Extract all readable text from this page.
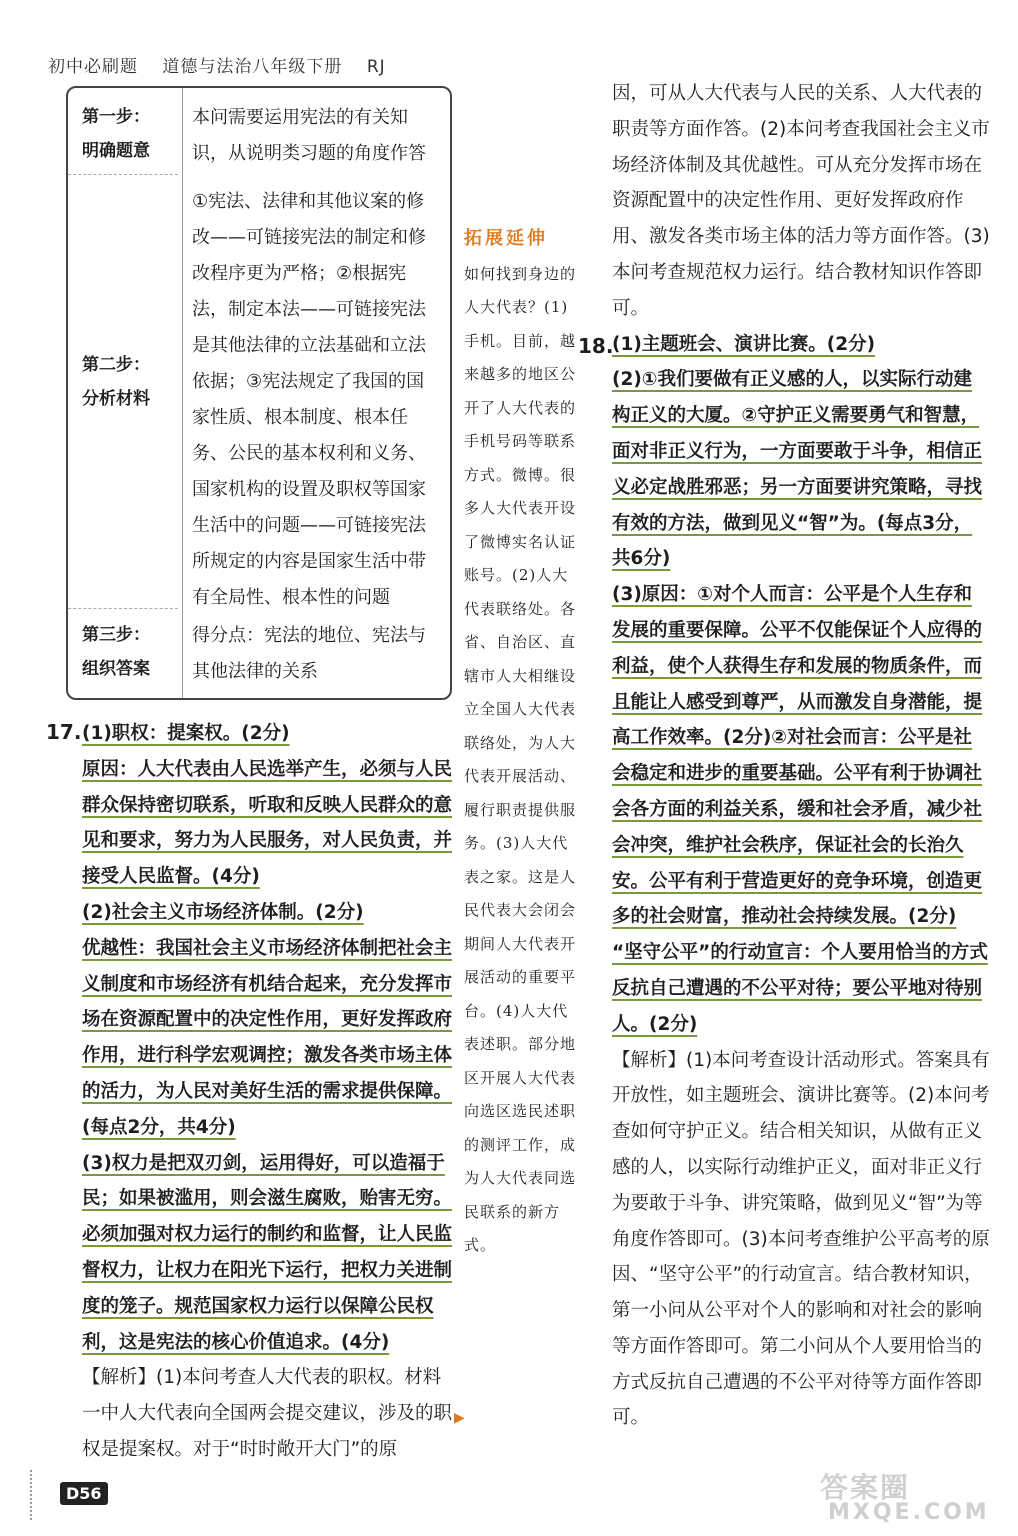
初中必刷题 道德与法治八年级下册 RJ
第一步：
明确题意
本问需要运用宪法的有关知识，从说明类习题的角度作答
第二步：
分析材料
①宪法、法律和其他议案的修改——可链接宪法的制定和修改程序更为严格；②根据宪法，制定本法——可链接宪法是其他法律的立法基础和立法依据；③宪法规定了我国的国家性质、根本制度、根本任务、公民的基本权利和义务、国家机构的设置及职权等国家生活中的问题——可链接宪法所规定的内容是国家生活中带有全局性、根本性的问题
第三步：
组织答案
得分点：宪法的地位、宪法与其他法律的关系
拓展延伸
如何找到身边的人大代表？(1)手机。目前，越来越多的地区公开了人大代表的手机号码等联系方式。微博。很多人大代表开设了微博实名认证账号。(2)人大代表联络处。各省、自治区、直辖市人大相继设立全国人大代表联络处，为人大代表开展活动、履行职责提供服务。(3)人大代表之家。这是人民代表大会闭会期间人大代表开展活动的重要平台。(4)人大代表述职。部分地区开展人大代表向选区选民述职的测评工作，成为人大代表同选民联系的新方式。
17. (1)职权：提案权。(2分)

原因：人大代表由人民选举产生，必须与人民群众保持密切联系，听取和反映人民群众的意见和要求，努力为人民服务，对人民负责，并接受人民监督。(4分)

(2)社会主义市场经济体制。(2分)

优越性：我国社会主义市场经济体制把社会主义制度和市场经济有机结合起来，充分发挥市场在资源配置中的决定性作用，更好发挥政府作用，进行科学宏观调控；激发各类市场主体的活力，为人民对美好生活的需求提供保障。(每点2分，共4分)

(3)权力是把双刃剑，运用得好，可以造福于民；如果被滥用，则会滋生腐败，贻害无穷。必须加强对权力运行的制约和监督，让人民监督权力，让权力在阳光下运行，把权力关进制度的笼子。规范国家权力运行以保障公民权利，这是宪法的核心价值追求。(4分)

【解析】(1)本问考查人大代表的职权。材料一中人大代表向全国两会提交建议，涉及的职权是提案权。对于“时时敞开大门”的原

▶

因，可从人大代表与人民的关系、人大代表的职责等方面作答。(2)本问考查我国社会主义市场经济体制及其优越性。可从充分发挥市场在资源配置中的决定性作用、更好发挥政府作用、激发各类市场主体的活力等方面作答。(3)本问考查规范权力运行。结合教材知识作答即可。

18.

(1)主题班会、演讲比赛。(2分)

(2)①我们要做有正义感的人，以实际行动建构正义的大厦。②守护正义需要勇气和智慧，面对非正义行为，一方面要敢于斗争，相信正义必定战胜邪恶；另一方面要讲究策略，寻找有效的方法，做到见义“智”为。(每点3分，共6分)

(3)原因：①对个人而言：公平是个人生存和发展的重要保障。公平不仅能保证个人应得的利益，使个人获得生存和发展的物质条件，而且能让人感受到尊严，从而激发自身潜能，提高工作效率。(2分)②对社会而言：公平是社会稳定和进步的重要基础。公平有利于协调社会各方面的利益关系，缓和社会矛盾，减少社会冲突，维护社会秩序，保证社会的长治久安。公平有利于营造更好的竞争环境，创造更多的社会财富，推动社会持续发展。(2分)

“坚守公平”的行动宣言：个人要用恰当的方式反抗自己遭遇的不公平对待；要公平地对待别人。(2分)

【解析】(1)本问考查设计活动形式。答案具有开放性，如主题班会、演讲比赛等。(2)本问考查如何守护正义。结合相关知识，从做有正义感的人，以实际行动维护正义，面对非正义行为要敢于斗争、讲究策略，做到见义“智”为等角度作答即可。(3)本问考查维护公平高考的原因、“坚守公平”的行动宣言。结合教材知识，第一小问从公平对个人的影响和对社会的影响等方面作答即可。第二小问从个人要用恰当的方式反抗自己遭遇的不公平对待等方面作答即可。

D56	答案圈
MXQE.COM
